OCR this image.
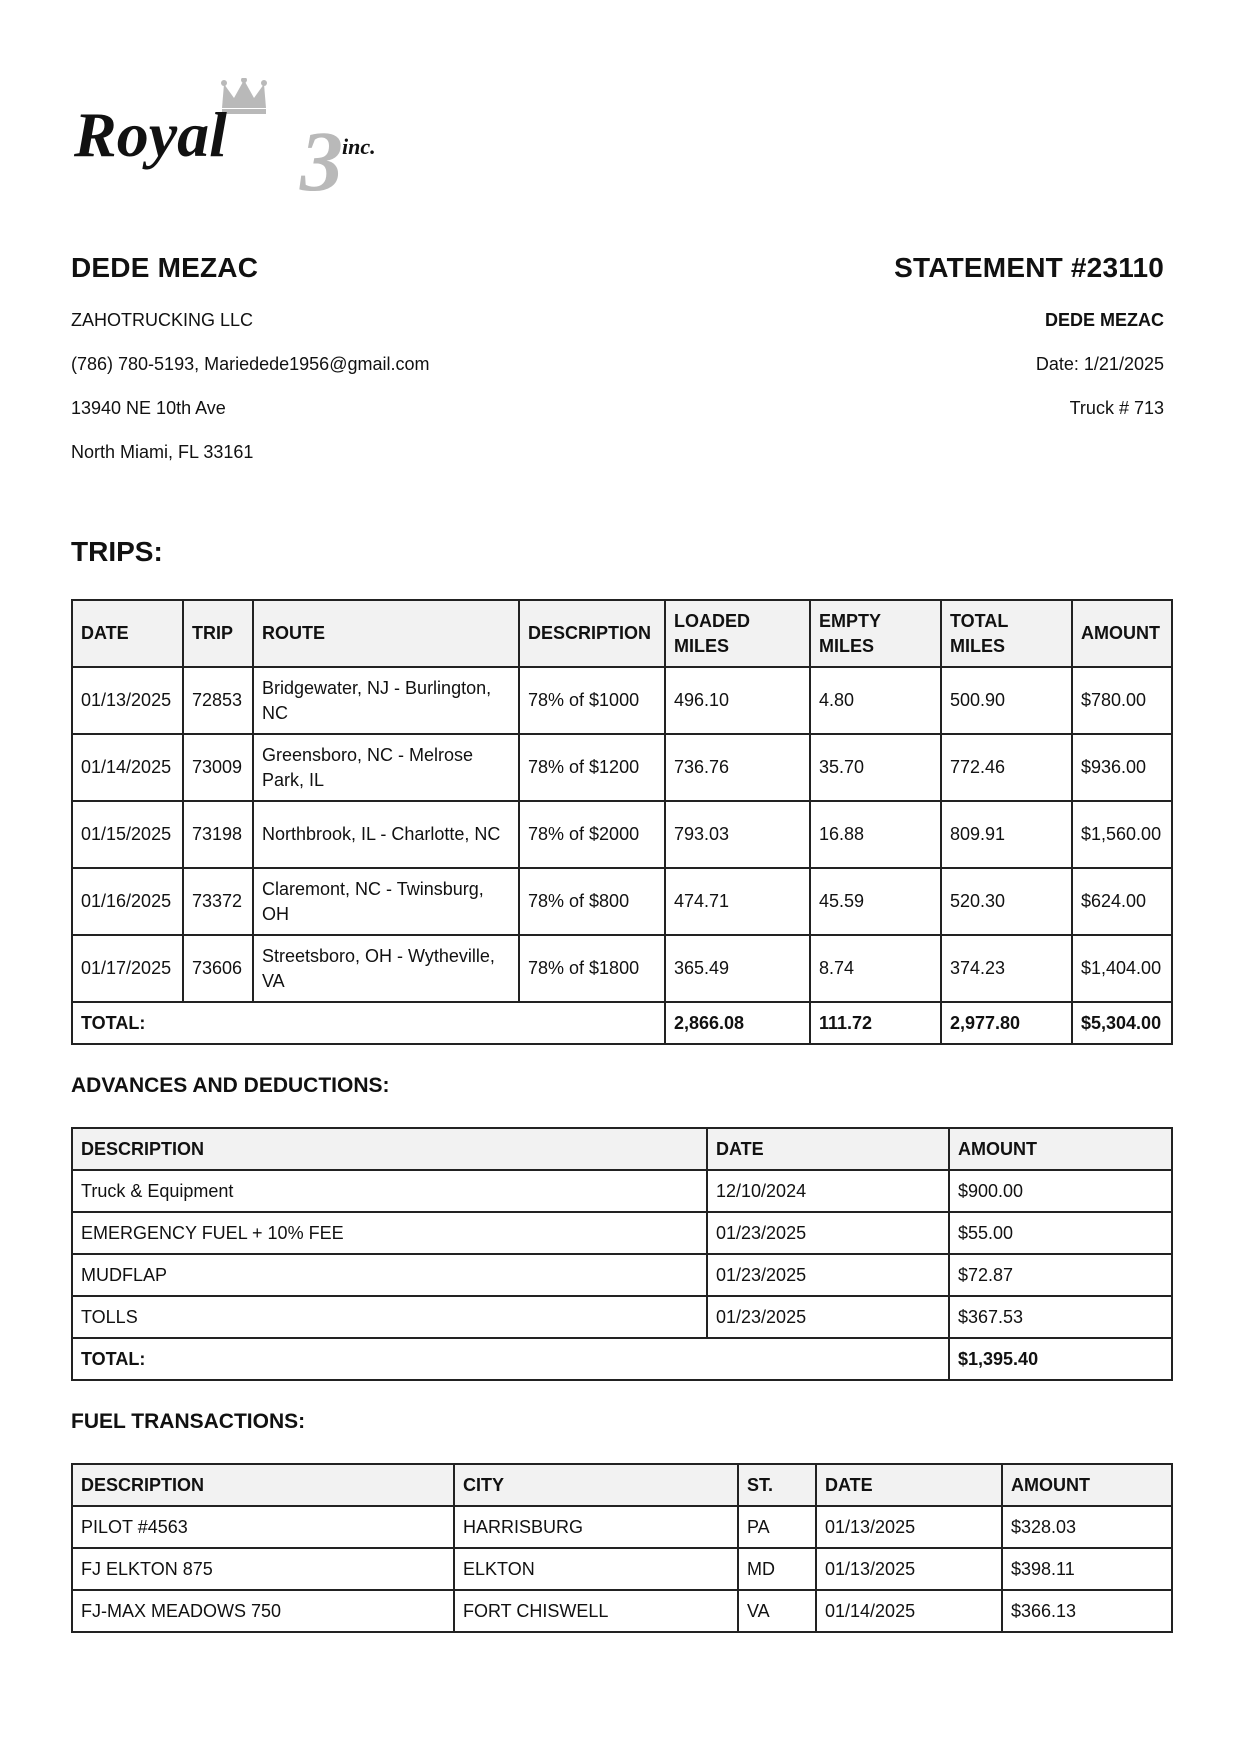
3
Royal	inc.
DEDE MEZAC
ZAHOTRUCKING LLC
(786) 780-5193, Mariedede1956@gmail.com
13940 NE 10th Ave
North Miami, FL 33161
STATEMENT #23110
DEDE MEZAC
Date: 1/21/2025
Truck # 713
TRIPS:
DATE	TRIP	ROUTE	DESCRIPTION	LOADED MILES	EMPTY MILES	TOTAL MILES	AMOUNT
01/13/2025	72853	Bridgewater, NJ - Burlington, NC	78% of $1000	496.10	4.80	500.90	$780.00
01/14/2025	73009	Greensboro, NC - Melrose Park, IL	78% of $1200	736.76	35.70	772.46	$936.00
01/15/2025	73198	Northbrook, IL - Charlotte, NC	78% of $2000	793.03	16.88	809.91	$1,560.00
01/16/2025	73372	Claremont, NC - Twinsburg, OH	78% of $800	474.71	45.59	520.30	$624.00
01/17/2025	73606	Streetsboro, OH - Wytheville, VA	78% of $1800	365.49	8.74	374.23	$1,404.00
TOTAL:				2,866.08	111.72	2,977.80	$5,304.00
ADVANCES AND DEDUCTIONS:
DESCRIPTION	DATE	AMOUNT
Truck & Equipment	12/10/2024	$900.00
EMERGENCY FUEL + 10% FEE	01/23/2025	$55.00
MUDFLAP	01/23/2025	$72.87
TOLLS	01/23/2025	$367.53
TOTAL:		$1,395.40
FUEL TRANSACTIONS:
DESCRIPTION	CITY	ST.	DATE	AMOUNT
PILOT #4563	HARRISBURG	PA	01/13/2025	$328.03
FJ ELKTON 875	ELKTON	MD	01/13/2025	$398.11
FJ-MAX MEADOWS 750	FORT CHISWELL	VA	01/14/2025	$366.13
